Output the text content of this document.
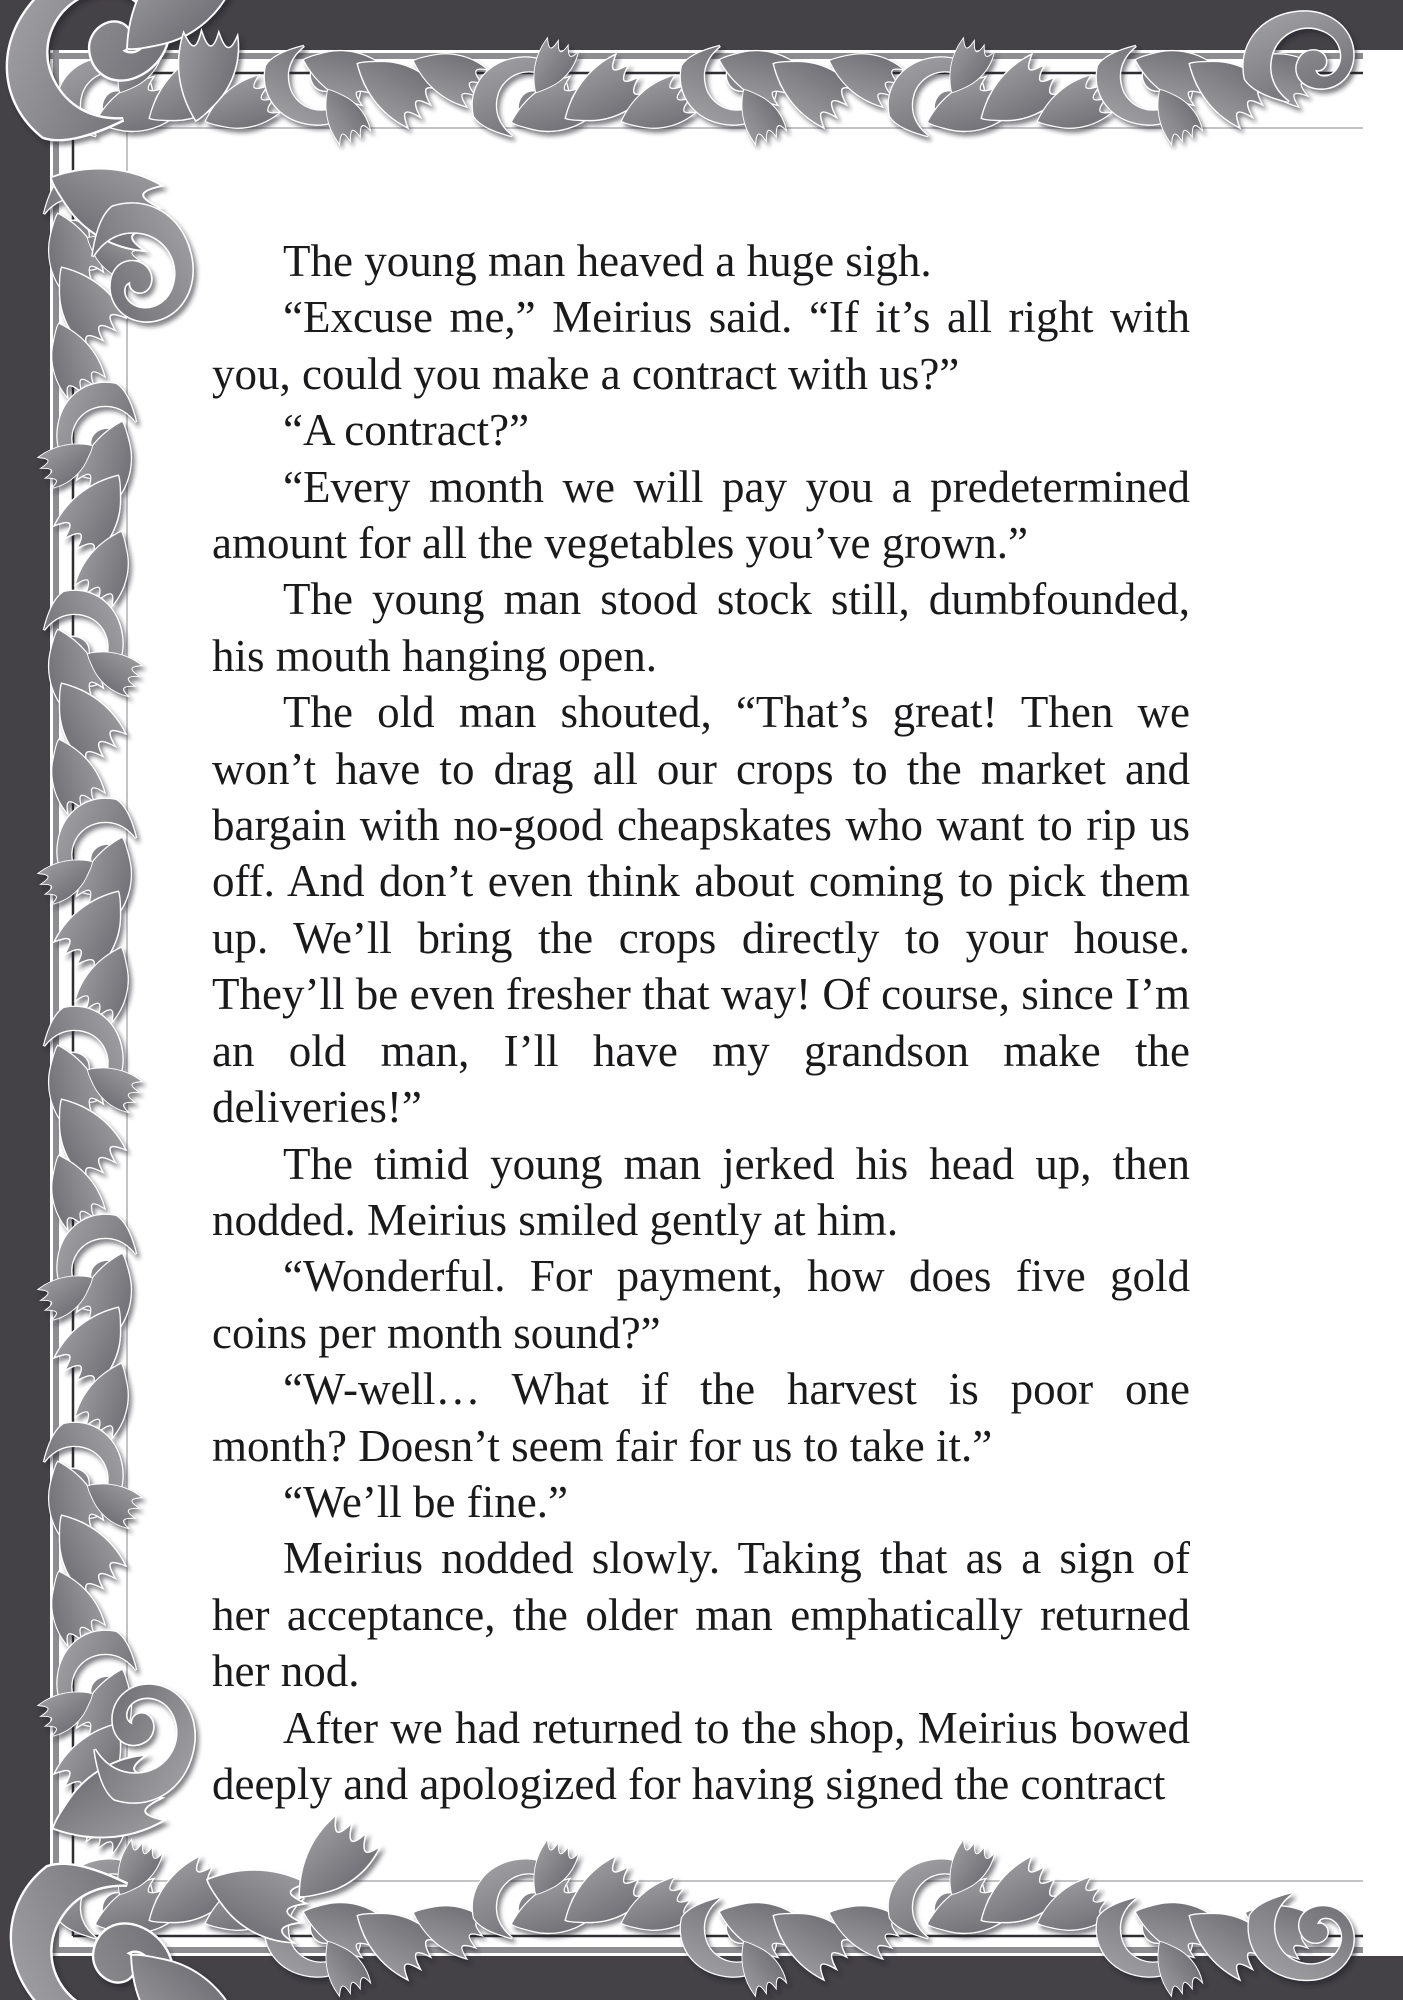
The young man heaved a huge sigh.

“Excuse me,” Meirius said. “If it’s all right with you, could you make a contract with us?”

“A contract?”

“Every month we will pay you a predetermined amount for all the vegetables you’ve grown.”

The young man stood stock still, dumbfounded, his mouth hanging open.

The old man shouted, “That’s great! Then we won’t have to drag all our crops to the market and bargain with no-good cheapskates who want to rip us off. And don’t even think about coming to pick them up. We’ll bring the crops directly to your house. They’ll be even fresher that way! Of course, since I’m an old man, I’ll have my grandson make the deliveries!”

The timid young man jerked his head up, then nodded. Meirius smiled gently at him.

“Wonderful. For payment, how does five gold coins per month sound?”

“W-well… What if the harvest is poor one month? Doesn’t seem fair for us to take it.”

“We’ll be fine.”

Meirius nodded slowly. Taking that as a sign of her acceptance, the older man emphatically returned her nod.

After we had returned to the shop, Meirius bowed deeply and apologized for having signed the contract
